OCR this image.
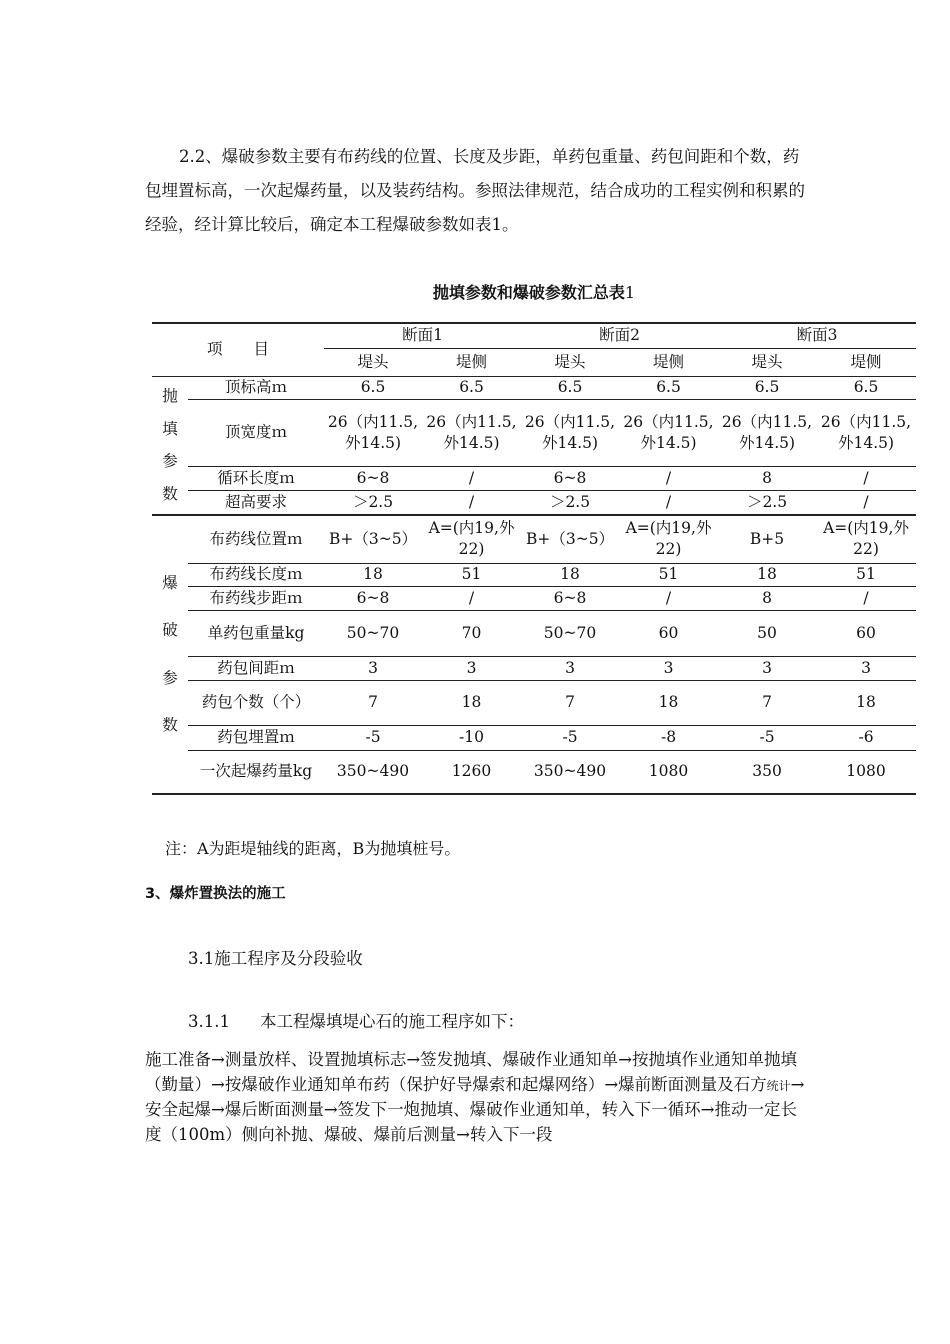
2.2、爆破参数主要有布药线的位置、长度及步距，单药包重量、药包间距和个数，药包埋置标高，一次起爆药量，以及装药结构。参照法律规范，结合成功的工程实例和积累的经验，经计算比较后，确定本工程爆破参数如表1。

抛填参数和爆破参数汇总表1
项　　目		断面1		断面2		断面3	
		堤头	堤侧	堤头	堤侧	堤头	堤侧

抛
填
参
数	顶标高ｍ	6.5	6.5	6.5	6.5	6.5	6.5
	顶宽度ｍ	26（内11.5,外14.5)	26（内11.5,外14.5)	26（内11.5,外14.5)	26（内11.5,外14.5)	26（内11.5,外14.5)	26（内11.5,外14.5)
	循环长度ｍ	6~8	/	6~8	/	8	/
	超高要求	＞2.5	/	＞2.5	/	＞2.5	/

爆
破
参
数	布药线位置ｍ	B+（3~5）	A=(内19,外22)	B+（3~5）	A=(内19,外22)	B+5	A=(内19,外22)
	布药线长度ｍ	18	51	18	51	18	51
	布药线步距ｍ	6~8	/	6~8	/	8	/
	单药包重量kg	50~70	70	50~70	60	50	60
	药包间距ｍ	3	3	3	3	3	3
	药包个数（个）	7	18	7	18	7	18
	药包埋置ｍ	-5	-10	-5	-8	-5	-6
	一次起爆药量kg	350~490	1260	350~490	1080	350	1080
注：A为距堤轴线的距离，B为抛填桩号。
3、爆炸置换法的施工
3.1施工程序及分段验收
3.1.1 本工程爆填堤心石的施工程序如下：

施工准备→测量放样、设置抛填标志→签发抛填、爆破作业通知单→按抛填作业通知单抛填（勤量）→按爆破作业通知单布药（保护好导爆索和起爆网络）→爆前断面测量及石方统计→安全起爆→爆后断面测量→签发下一炮抛填、爆破作业通知单，转入下一循环→推动一定长度（100m）侧向补抛、爆破、爆前后测量→转入下一段
